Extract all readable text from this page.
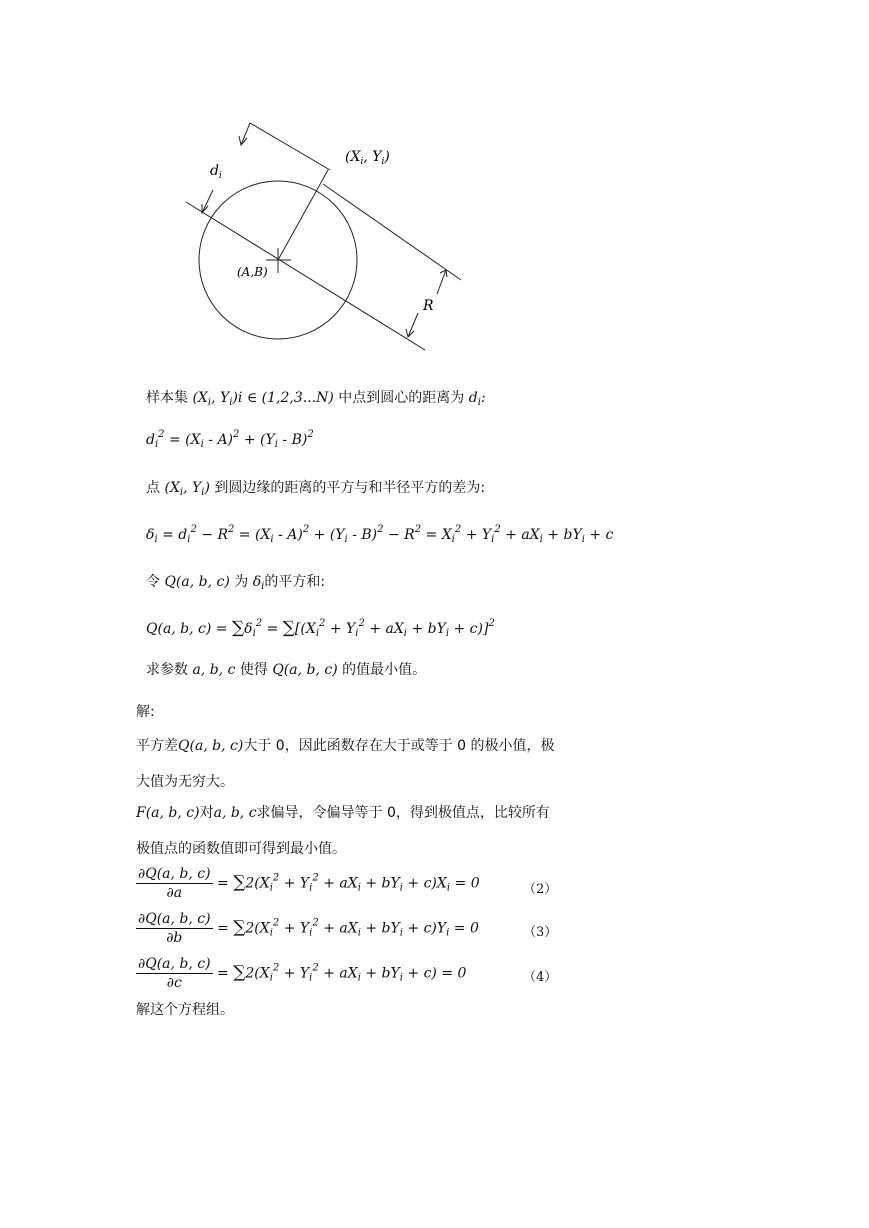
$d_i$
($X_i$, $Y_i$)
(A,B)
R
样本集 ($X_i$, $Y_i)i$ ∈ (1,2,3...N) 中点到圆心的距离为 $d_i$:
$d_i^2 = (X_i - A)^2 + (Y_i - B)^2$
点 ($X_i$, $Y_i$) 到圆边缘的距离的平方与和半径平方的差为:
$\delta_i = d_i^2 - R^2 = (X_i - A)^2 + (Y_i - B)^2 - R^2 = X_i^2 + Y_i^2 + aX_i + bY_i + c$
令 Q(a, b, c) 为 $\delta_i$的平方和:
Q(a, b, $c) = \sum\delta_i^2 = \sum[(X_i^2 + Y_i^2 + aX_i + bY_i + c)]^2$
求参数 a, b, c 使得 Q(a, b, c) 的值最小值。
解:
平方差Q(a, b, c)大于 0，因此函数存在大于或等于 0 的极小值，极
大值为无穷大。
F(a, b, c)对a, b, c求偏导，令偏导等于 0，得到极值点，比较所有
极值点的函数值即可得到最小值。
$\frac{\partial Q(a, b, c)}{\partial a} = \sum 2(X_i^2 + Y_i^2 + aX_i + bY_i + c)X_i = 0$	（2）
$\frac{\partial Q(a, b, c)}{\partial b} = \sum 2(X_i^2 + Y_i^2 + aX_i + bY_i + c)Y_i = 0$	（3）
$\frac{\partial Q(a, b, c)}{\partial c} = \sum 2(X_i^2 + Y_i^2 + aX_i + bY_i + c) = 0$	（4）
解这个方程组。
